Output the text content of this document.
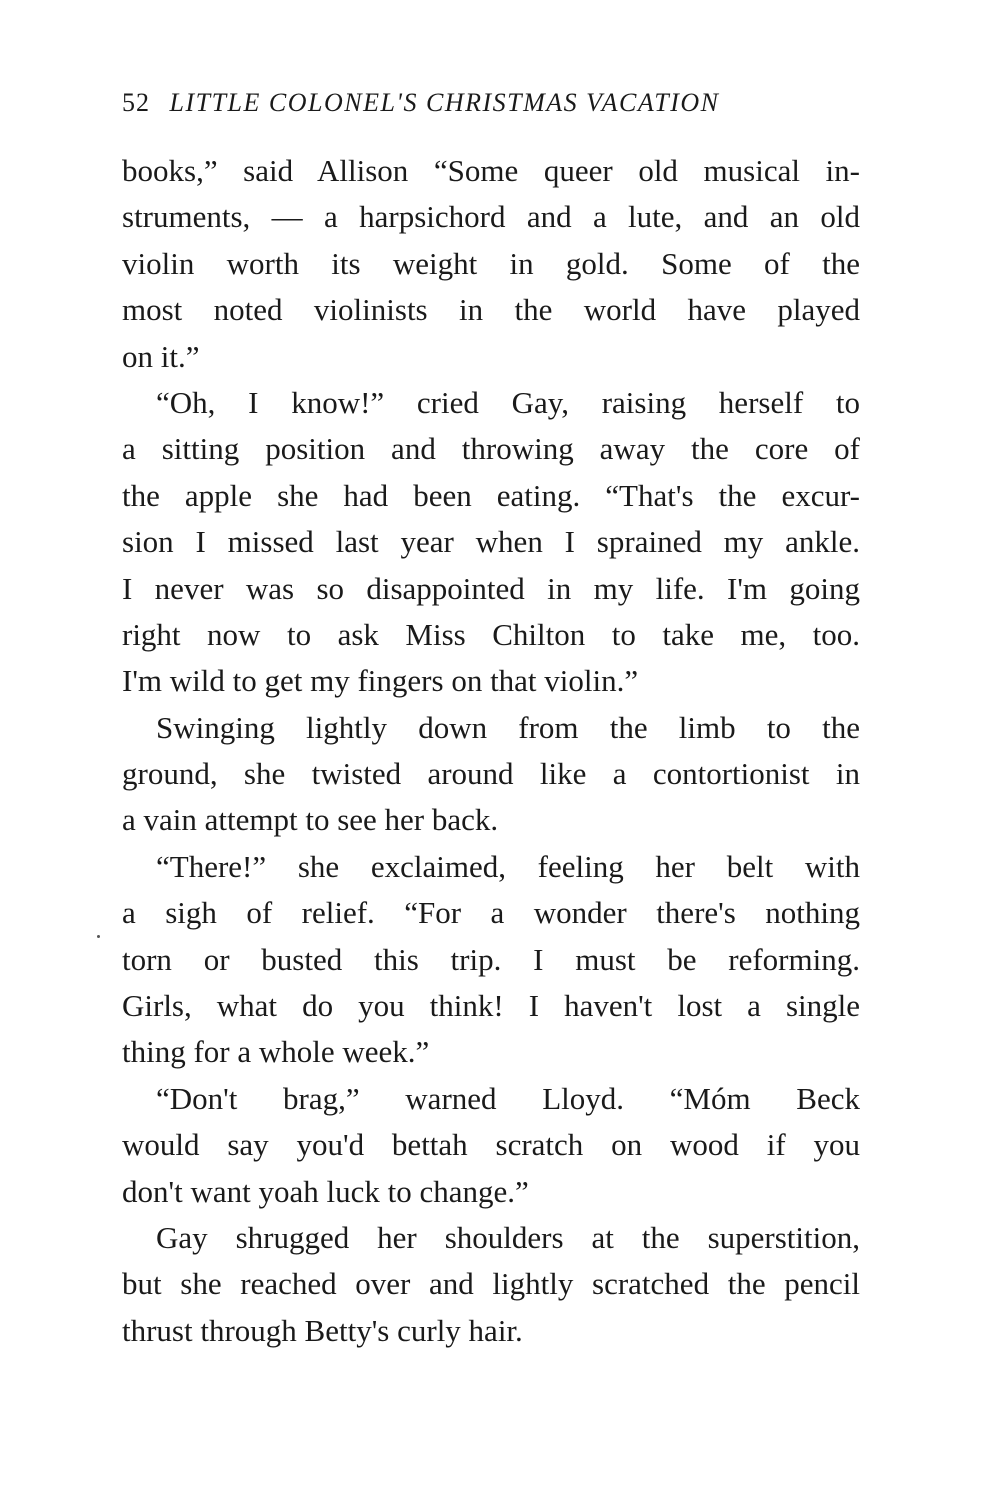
52 LITTLE COLONEL'S CHRISTMAS VACATION
books,” said Allison “Some queer old musical in-
struments, — a harpsichord and a lute, and an old
violin worth its weight in gold. Some of the
most noted violinists in the world have played
on it.”
“Oh, I know!” cried Gay, raising herself to
a sitting position and throwing away the core of
the apple she had been eating. “That's the excur-
sion I missed last year when I sprained my ankle.
I never was so disappointed in my life. I'm going
right now to ask Miss Chilton to take me, too.
I'm wild to get my fingers on that violin.”
Swinging lightly down from the limb to the
ground, she twisted around like a contortionist in
a vain attempt to see her back.
“There!” she exclaimed, feeling her belt with
a sigh of relief. “For a wonder there's nothing
torn or busted this trip. I must be reforming.
Girls, what do you think! I haven't lost a single
thing for a whole week.”
“Don't brag,” warned Lloyd. “Móm Beck
would say you'd bettah scratch on wood if you
don't want yoah luck to change.”
Gay shrugged her shoulders at the superstition,
but she reached over and lightly scratched the pencil
thrust through Betty's curly hair.
